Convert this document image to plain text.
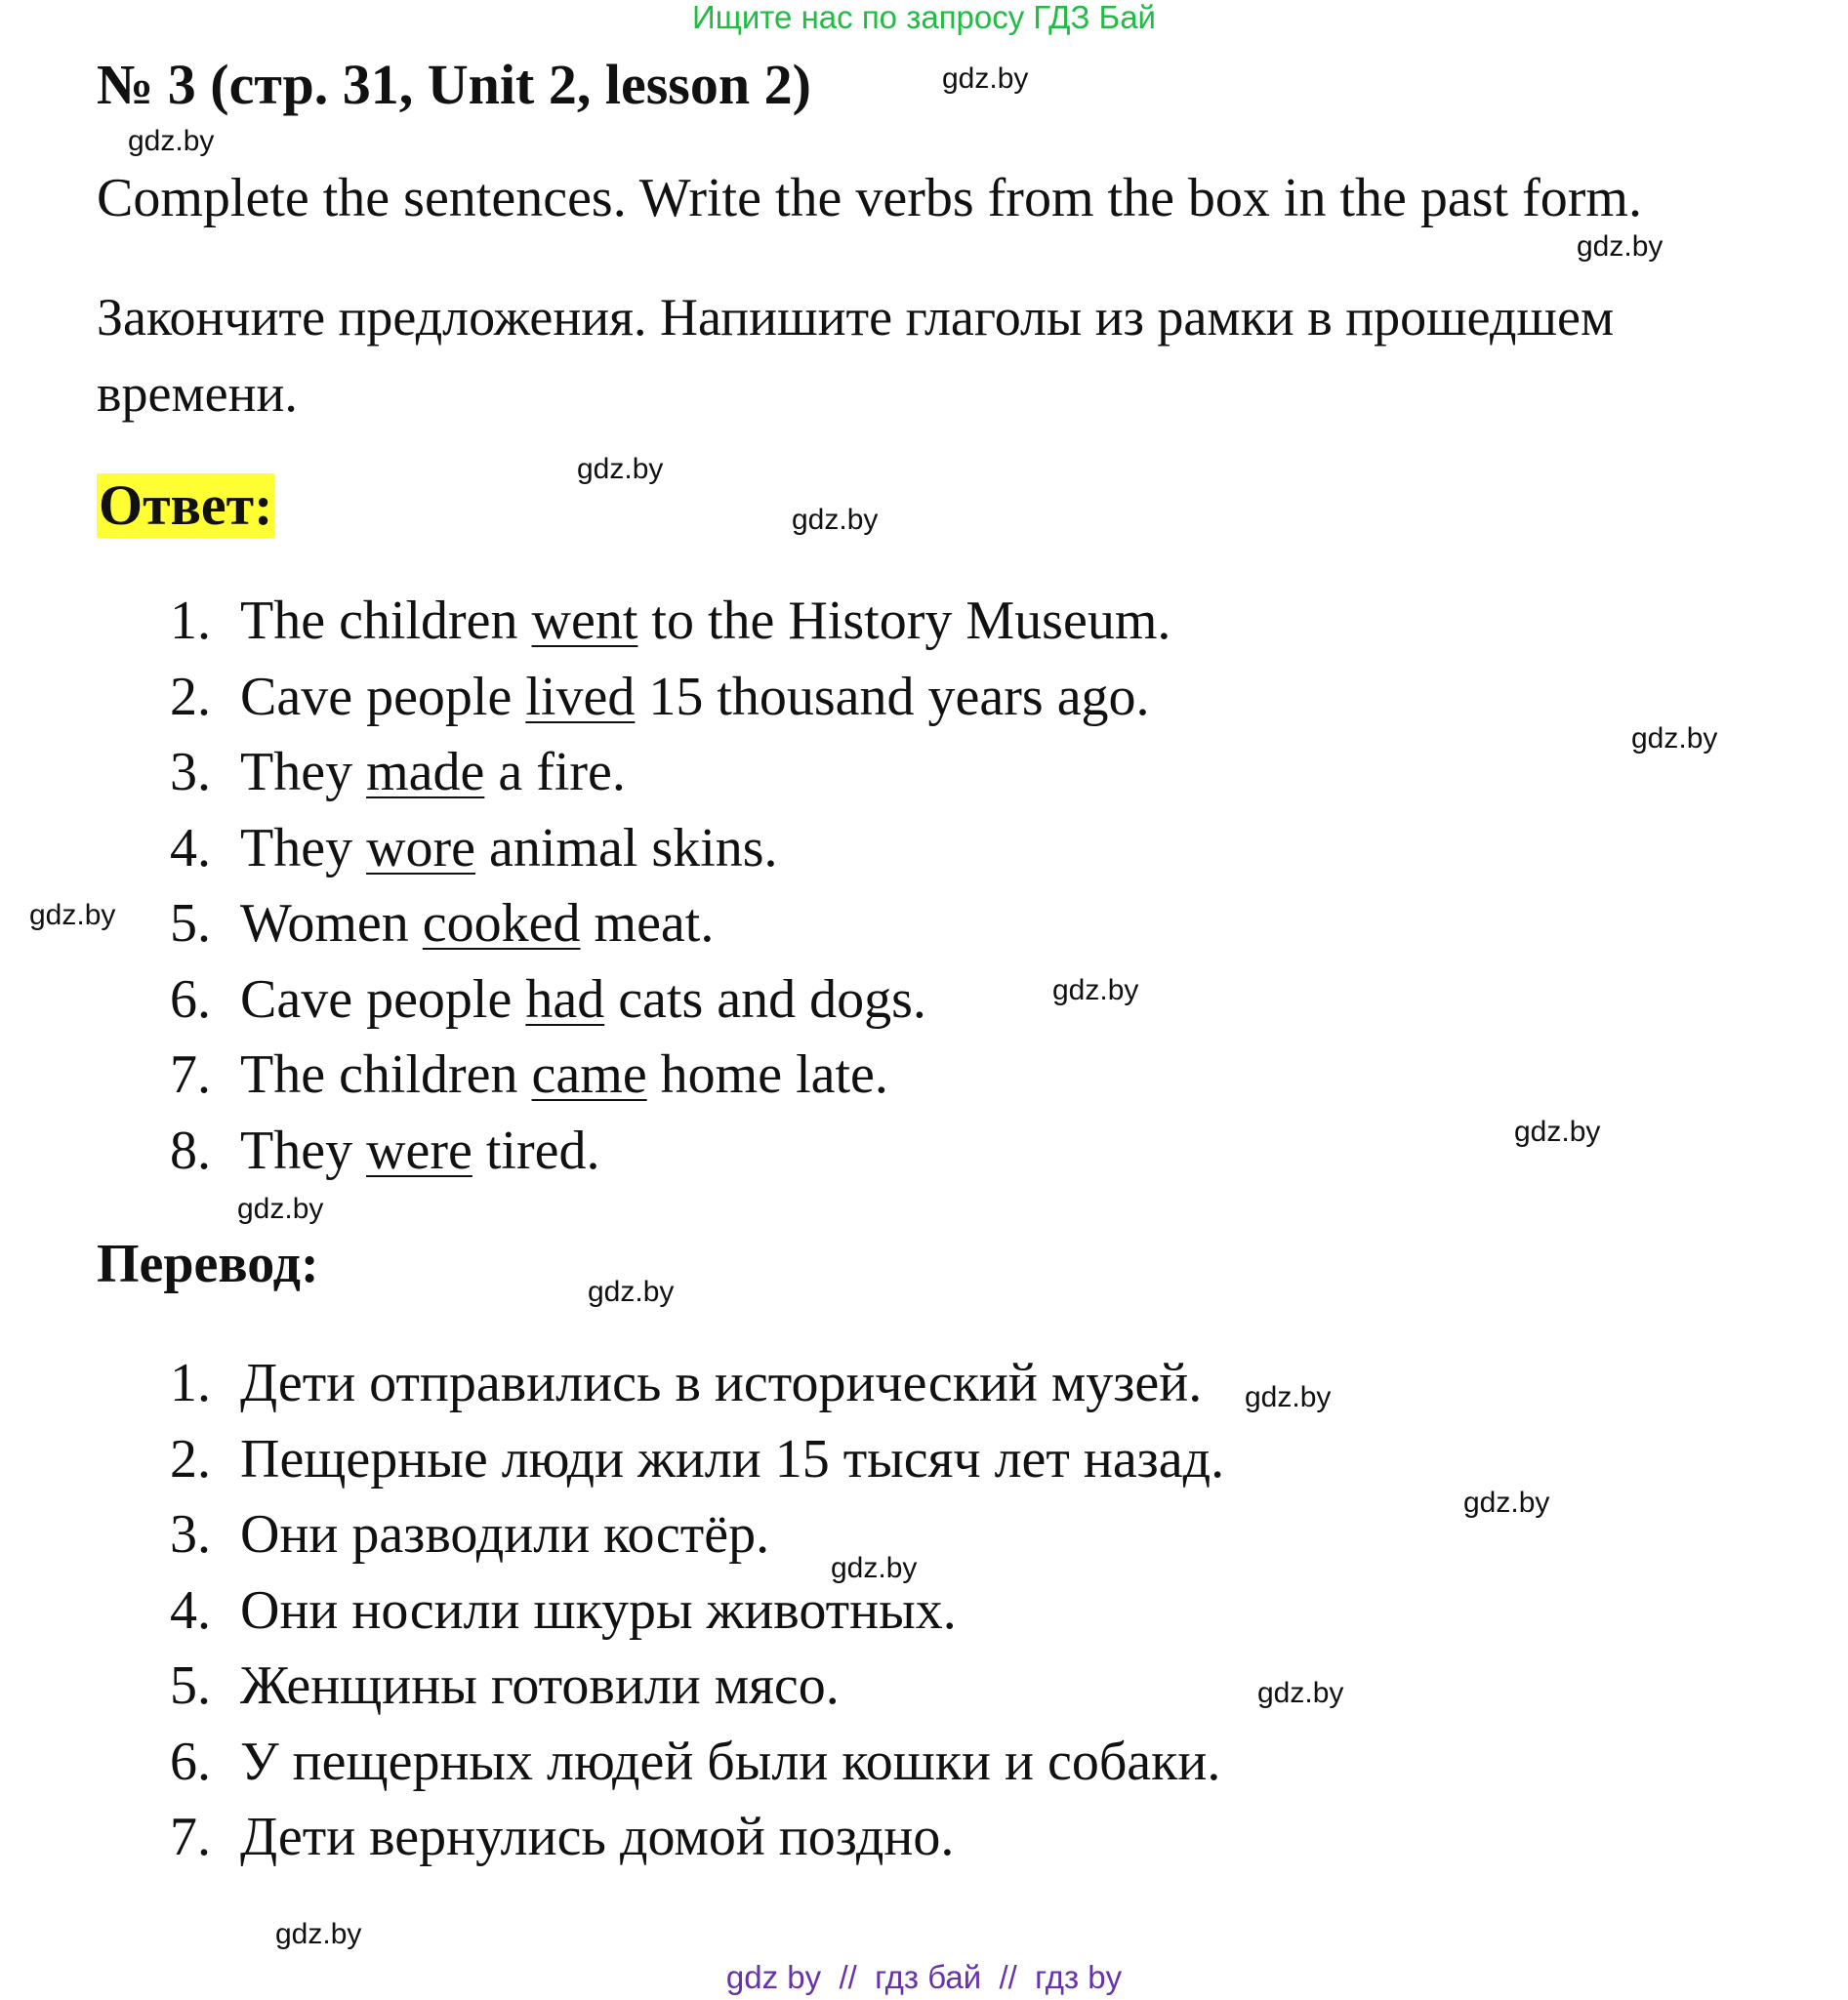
Ищите нас по запросу ГДЗ Бай
№ 3 (стр. 31, Unit 2, lesson 2)
Complete the sentences. Write the verbs from the box in the past form.
Закончите предложения. Напишите глаголы из рамки в прошедшем времени.
Ответ:
1. The children went to the History Museum.
2. Cave people lived 15 thousand years ago.
3. They made a fire.
4. They wore animal skins.
5. Women cooked meat.
6. Cave people had cats and dogs.
7. The children came home late.
8. They were tired.
Перевод:
1. Дети отправились в исторический музей.
2. Пещерные люди жили 15 тысяч лет назад.
3. Они разводили костёр.
4. Они носили шкуры животных.
5. Женщины готовили мясо.
6. У пещерных людей были кошки и собаки.
7. Дети вернулись домой поздно.
gdz.by
gdz.by
gdz.by
gdz.by
gdz.by
gdz.by
gdz.by
gdz.by
gdz.by
gdz.by
gdz.by
gdz.by
gdz.by
gdz.by
gdz.by
gdz.by
gdz by  //  гдз бай  //  гдз by
